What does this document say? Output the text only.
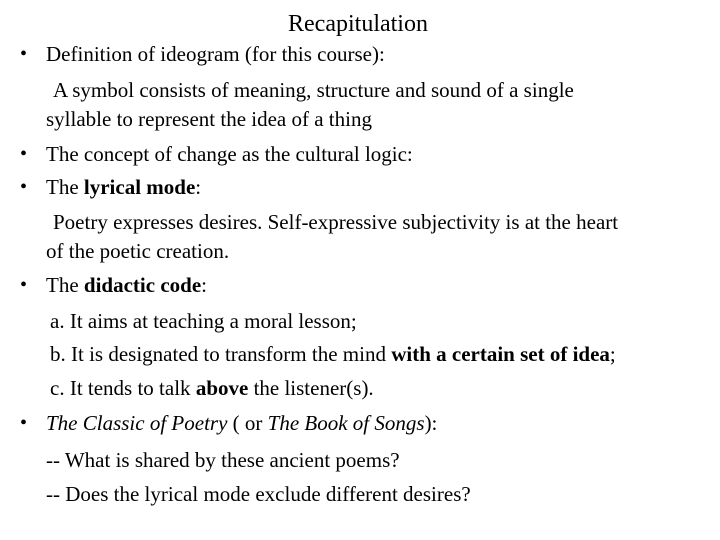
Recapitulation
• Definition of ideogram (for this course):
A symbol consists of meaning, structure and sound of a single
syllable to represent the idea of a thing
• The concept of change as the cultural logic:
• The lyrical mode:
Poetry expresses desires. Self-expressive subjectivity is at the heart
of the poetic creation.
• The didactic code:
a. It aims at teaching a moral lesson;
b. It is designated to transform the mind with a certain set of idea;
c. It tends to talk above the listener(s).
• The Classic of Poetry ( or The Book of Songs):
-- What is shared by these ancient poems?
-- Does the lyrical mode exclude different desires?
